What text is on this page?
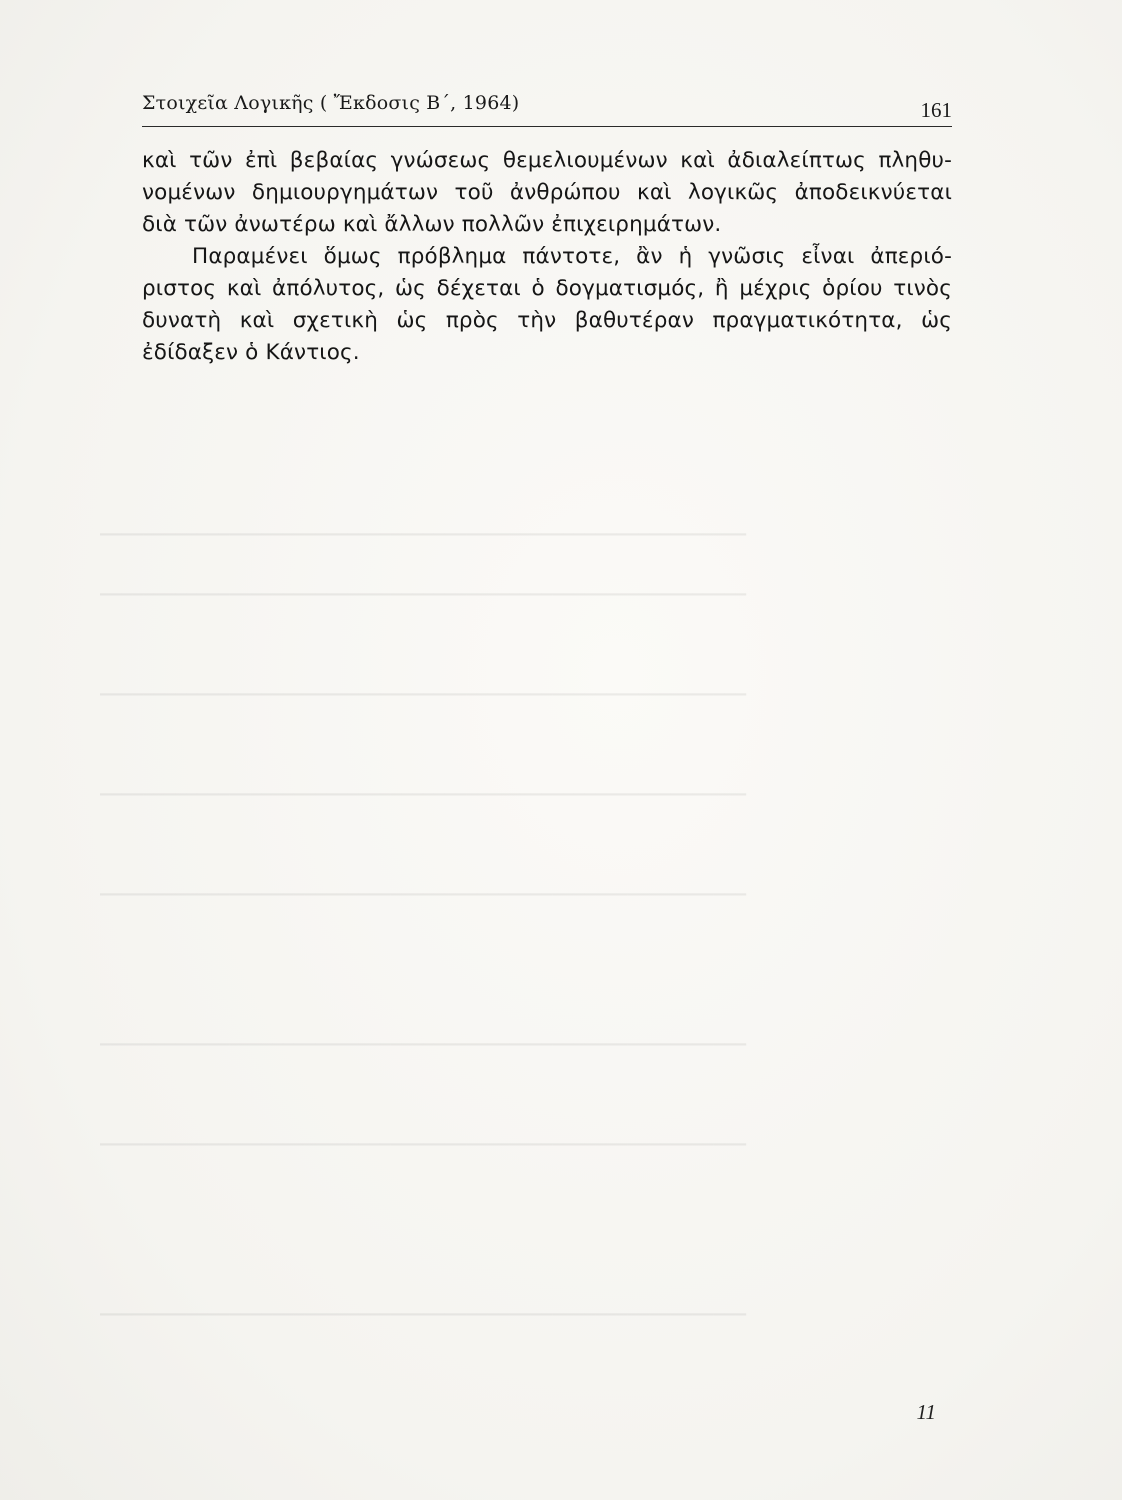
Στοιχεῖα Λογικῆς ( Ἔκδοσις Β΄, 1964)	161
καὶ τῶν ἐπὶ βεβαίας γνώσεως θεμελιουμένων καὶ ἀδιαλείπτως πληθυ-
νομένων δημιουργημάτων τοῦ ἀνθρώπου καὶ λογικῶς ἀποδεικνύεται
διὰ τῶν ἀνωτέρω καὶ ἄλλων πολλῶν ἐπιχειρημάτων.
Παραμένει ὅμως πρόβλημα πάντοτε, ἂν ἡ γνῶσις εἶναι ἀπεριό-
ριστος καὶ ἀπόλυτος, ὡς δέχεται ὁ δογματισμός, ἢ μέχρις ὁρίου τινὸς
δυνατὴ καὶ σχετικὴ ὡς πρὸς τὴν βαθυτέραν πραγματικότητα, ὡς
ἐδίδαξεν ὁ Κάντιος.
▁▁▁▁▁▁▁▁▁▁▁▁▁▁▁▁▁▁▁▁▁▁▁▁▁▁▁▁▁▁▁▁▁▁▁▁▁▁▁▁▁▁▁▁▁▁▁▁▁▁▁▁▁▁▁▁▁▁▁▁
▁▁▁▁▁▁▁▁▁▁▁▁▁▁▁▁▁▁▁▁▁▁▁▁▁▁▁▁▁▁▁▁▁▁▁▁▁▁▁▁▁▁▁▁▁▁▁▁▁▁▁▁▁▁▁▁▁▁▁▁
▁▁▁▁▁▁▁▁▁▁▁▁▁▁▁▁▁▁▁▁▁▁▁▁▁▁▁▁▁▁▁▁▁▁▁▁▁▁▁▁▁▁▁▁▁▁▁▁▁▁▁▁▁▁▁▁▁▁▁▁
▁▁▁▁▁▁▁▁▁▁▁▁▁▁▁▁▁▁▁▁▁▁▁▁▁▁▁▁▁▁▁▁▁▁▁▁▁▁▁▁▁▁▁▁▁▁▁▁▁▁▁▁▁▁▁▁▁▁▁▁
▁▁▁▁▁▁▁▁▁▁▁▁▁▁▁▁▁▁▁▁▁▁▁▁▁▁▁▁▁▁▁▁▁▁▁▁▁▁▁▁▁▁▁▁▁▁▁▁▁▁▁▁▁▁▁▁▁▁▁▁
▁▁▁▁▁▁▁▁▁▁▁▁▁▁▁▁▁▁▁▁▁▁▁▁▁▁▁▁▁▁▁▁▁▁▁▁▁▁▁▁▁▁▁▁▁▁▁▁▁▁▁▁▁▁▁▁▁▁▁▁
▁▁▁▁▁▁▁▁▁▁▁▁▁▁▁▁▁▁▁▁▁▁▁▁▁▁▁▁▁▁▁▁▁▁▁▁▁▁▁▁▁▁▁▁▁▁▁▁▁▁▁▁▁▁▁▁▁▁▁▁
▁▁▁▁▁▁▁▁▁▁▁▁▁▁▁▁▁▁▁▁▁▁▁▁▁▁▁▁▁▁▁▁▁▁▁▁▁▁▁▁▁▁▁▁▁▁▁▁▁▁▁▁▁▁▁▁▁▁▁▁
11
